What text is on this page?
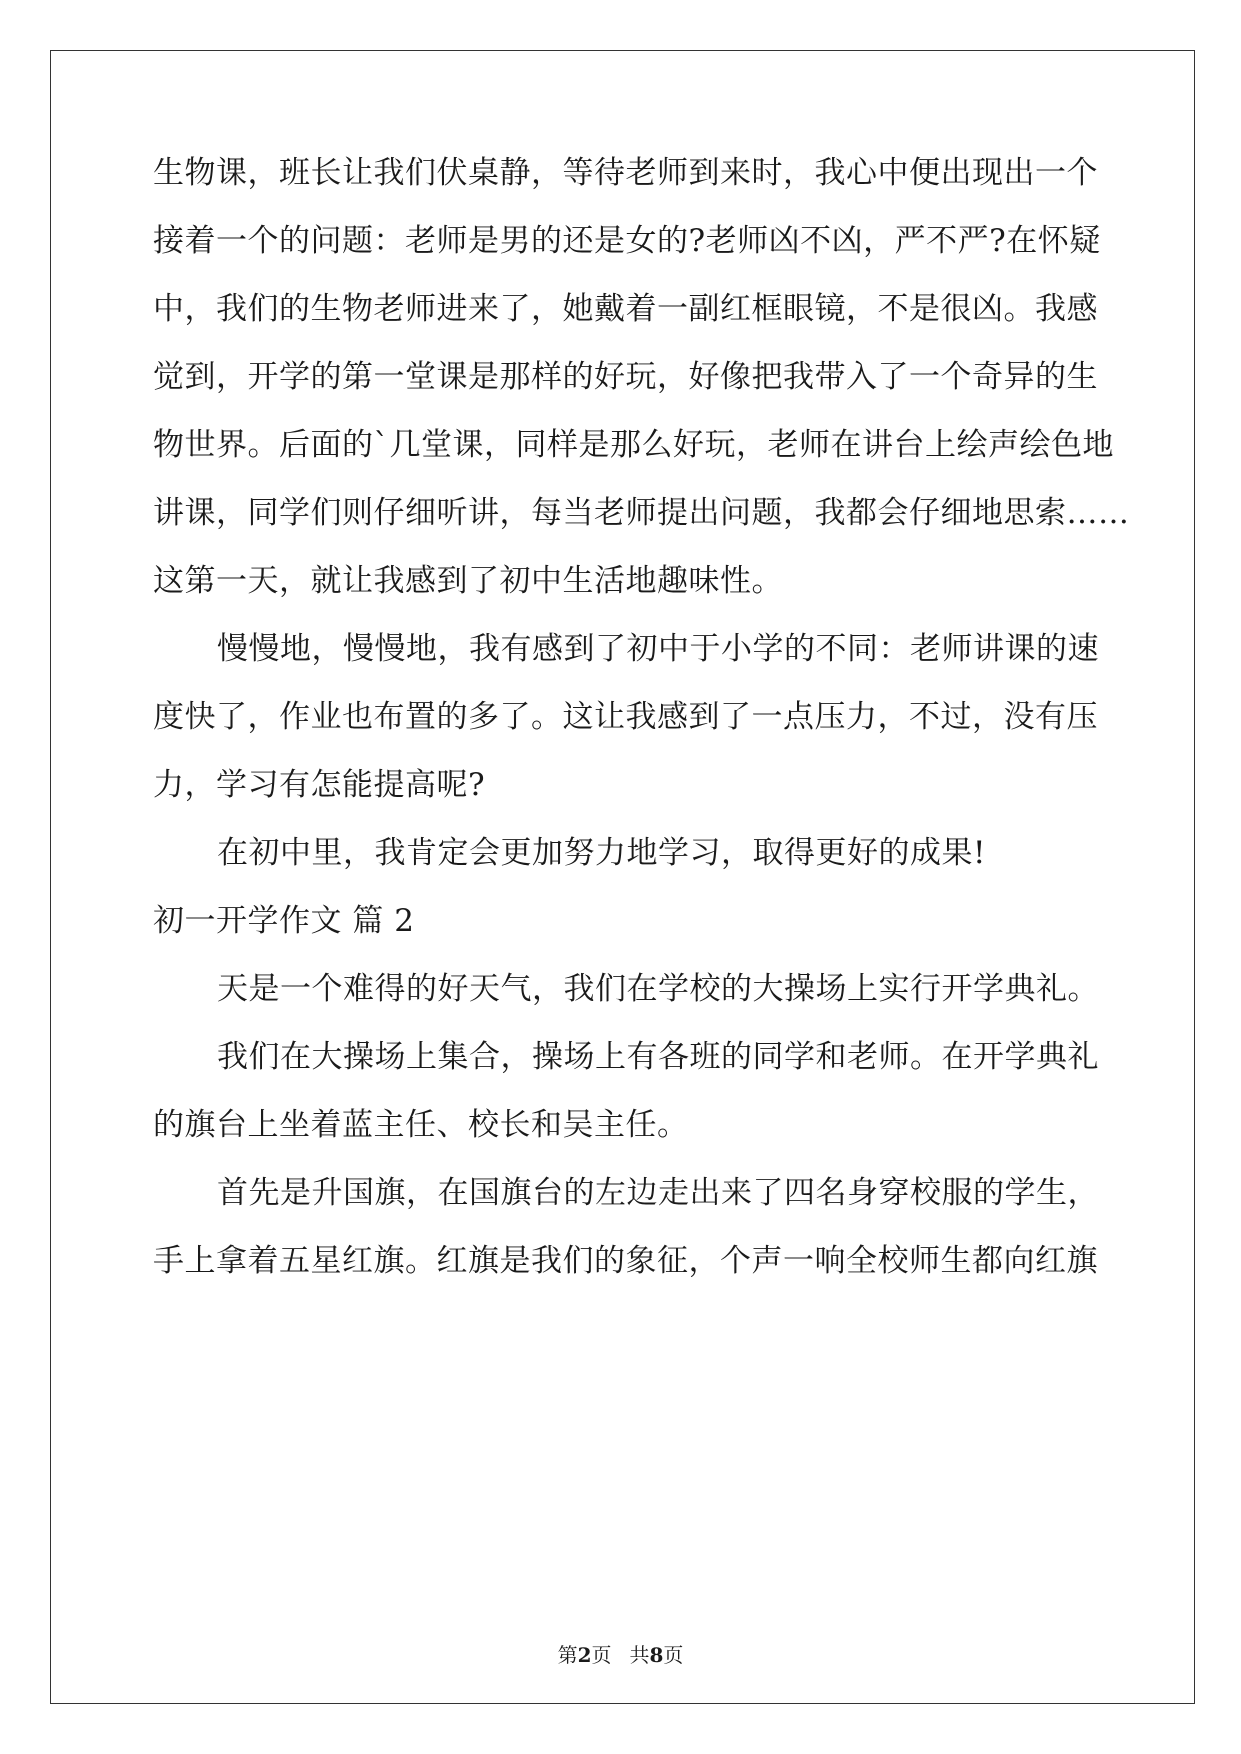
生物课，班长让我们伏桌静，等待老师到来时，我心中便出现出一个
接着一个的问题：老师是男的还是女的?老师凶不凶，严不严?在怀疑
中，我们的生物老师进来了，她戴着一副红框眼镜，不是很凶。我感
觉到，开学的第一堂课是那样的好玩，好像把我带入了一个奇异的生
物世界。后面的`几堂课，同样是那么好玩，老师在讲台上绘声绘色地
讲课，同学们则仔细听讲，每当老师提出问题，我都会仔细地思索……
这第一天，就让我感到了初中生活地趣味性。
慢慢地，慢慢地，我有感到了初中于小学的不同：老师讲课的速
度快了，作业也布置的多了。这让我感到了一点压力，不过，没有压
力，学习有怎能提高呢?
在初中里，我肯定会更加努力地学习，取得更好的成果!
初一开学作文 篇 2
天是一个难得的好天气，我们在学校的大操场上实行开学典礼。
我们在大操场上集合，操场上有各班的同学和老师。在开学典礼
的旗台上坐着蓝主任、校长和吴主任。
首先是升国旗，在国旗台的左边走出来了四名身穿校服的学生，
手上拿着五星红旗。红旗是我们的象征，个声一响全校师生都向红旗
第2页 共8页
